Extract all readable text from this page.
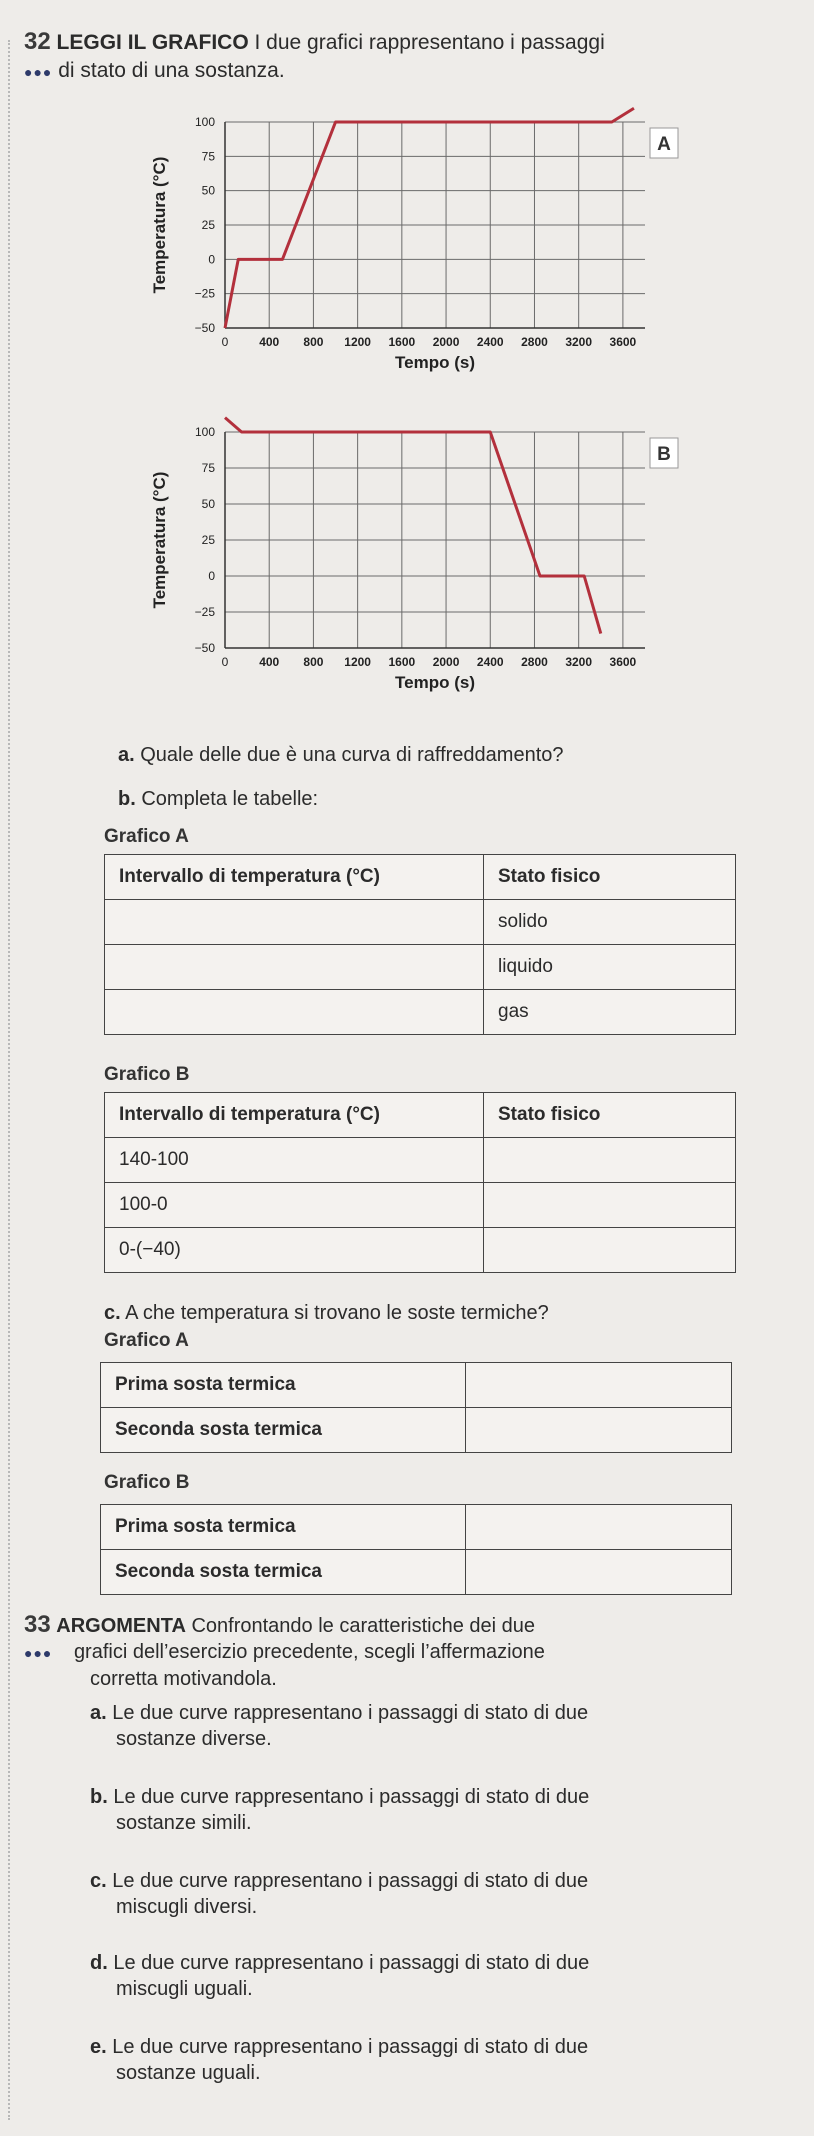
32 LEGGI IL GRAFICO I due grafici rappresentano i passaggi
●●● di stato di una sostanza.
100
75
50
25
0
−25
−50
0	400 800 1200 1600 2000 2400 2800 3200 3600
Tempo (s)
Temperatura (°C)
A
100
75
50
25
0
−25
−50
0	400 800 1200 1600 2000 2400 2800 3200 3600
Tempo (s)
Temperatura (°C)
B
a. Quale delle due è una curva di raffreddamento?
b. Completa le tabelle:
Grafico A
Intervallo di temperatura (°C)	Stato fisico
	solido
	liquido
	gas
Grafico B
Intervallo di temperatura (°C)	Stato fisico
140-100	
100-0	
0-(−40)	
c. A che temperatura si trovano le soste termiche?
Grafico A
Prima sosta termica	
Seconda sosta termica	
Grafico B
Prima sosta termica	
Seconda sosta termica	
33 ARGOMENTA Confrontando le caratteristiche dei due
●●● grafici dell’esercizio precedente, scegli l’affermazione
corretta motivandola.
a. Le due curve rappresentano i passaggi di stato di due
sostanze diverse.
b. Le due curve rappresentano i passaggi di stato di due
sostanze simili.
c. Le due curve rappresentano i passaggi di stato di due
miscugli diversi.
d. Le due curve rappresentano i passaggi di stato di due
miscugli uguali.
e. Le due curve rappresentano i passaggi di stato di due
sostanze uguali.
